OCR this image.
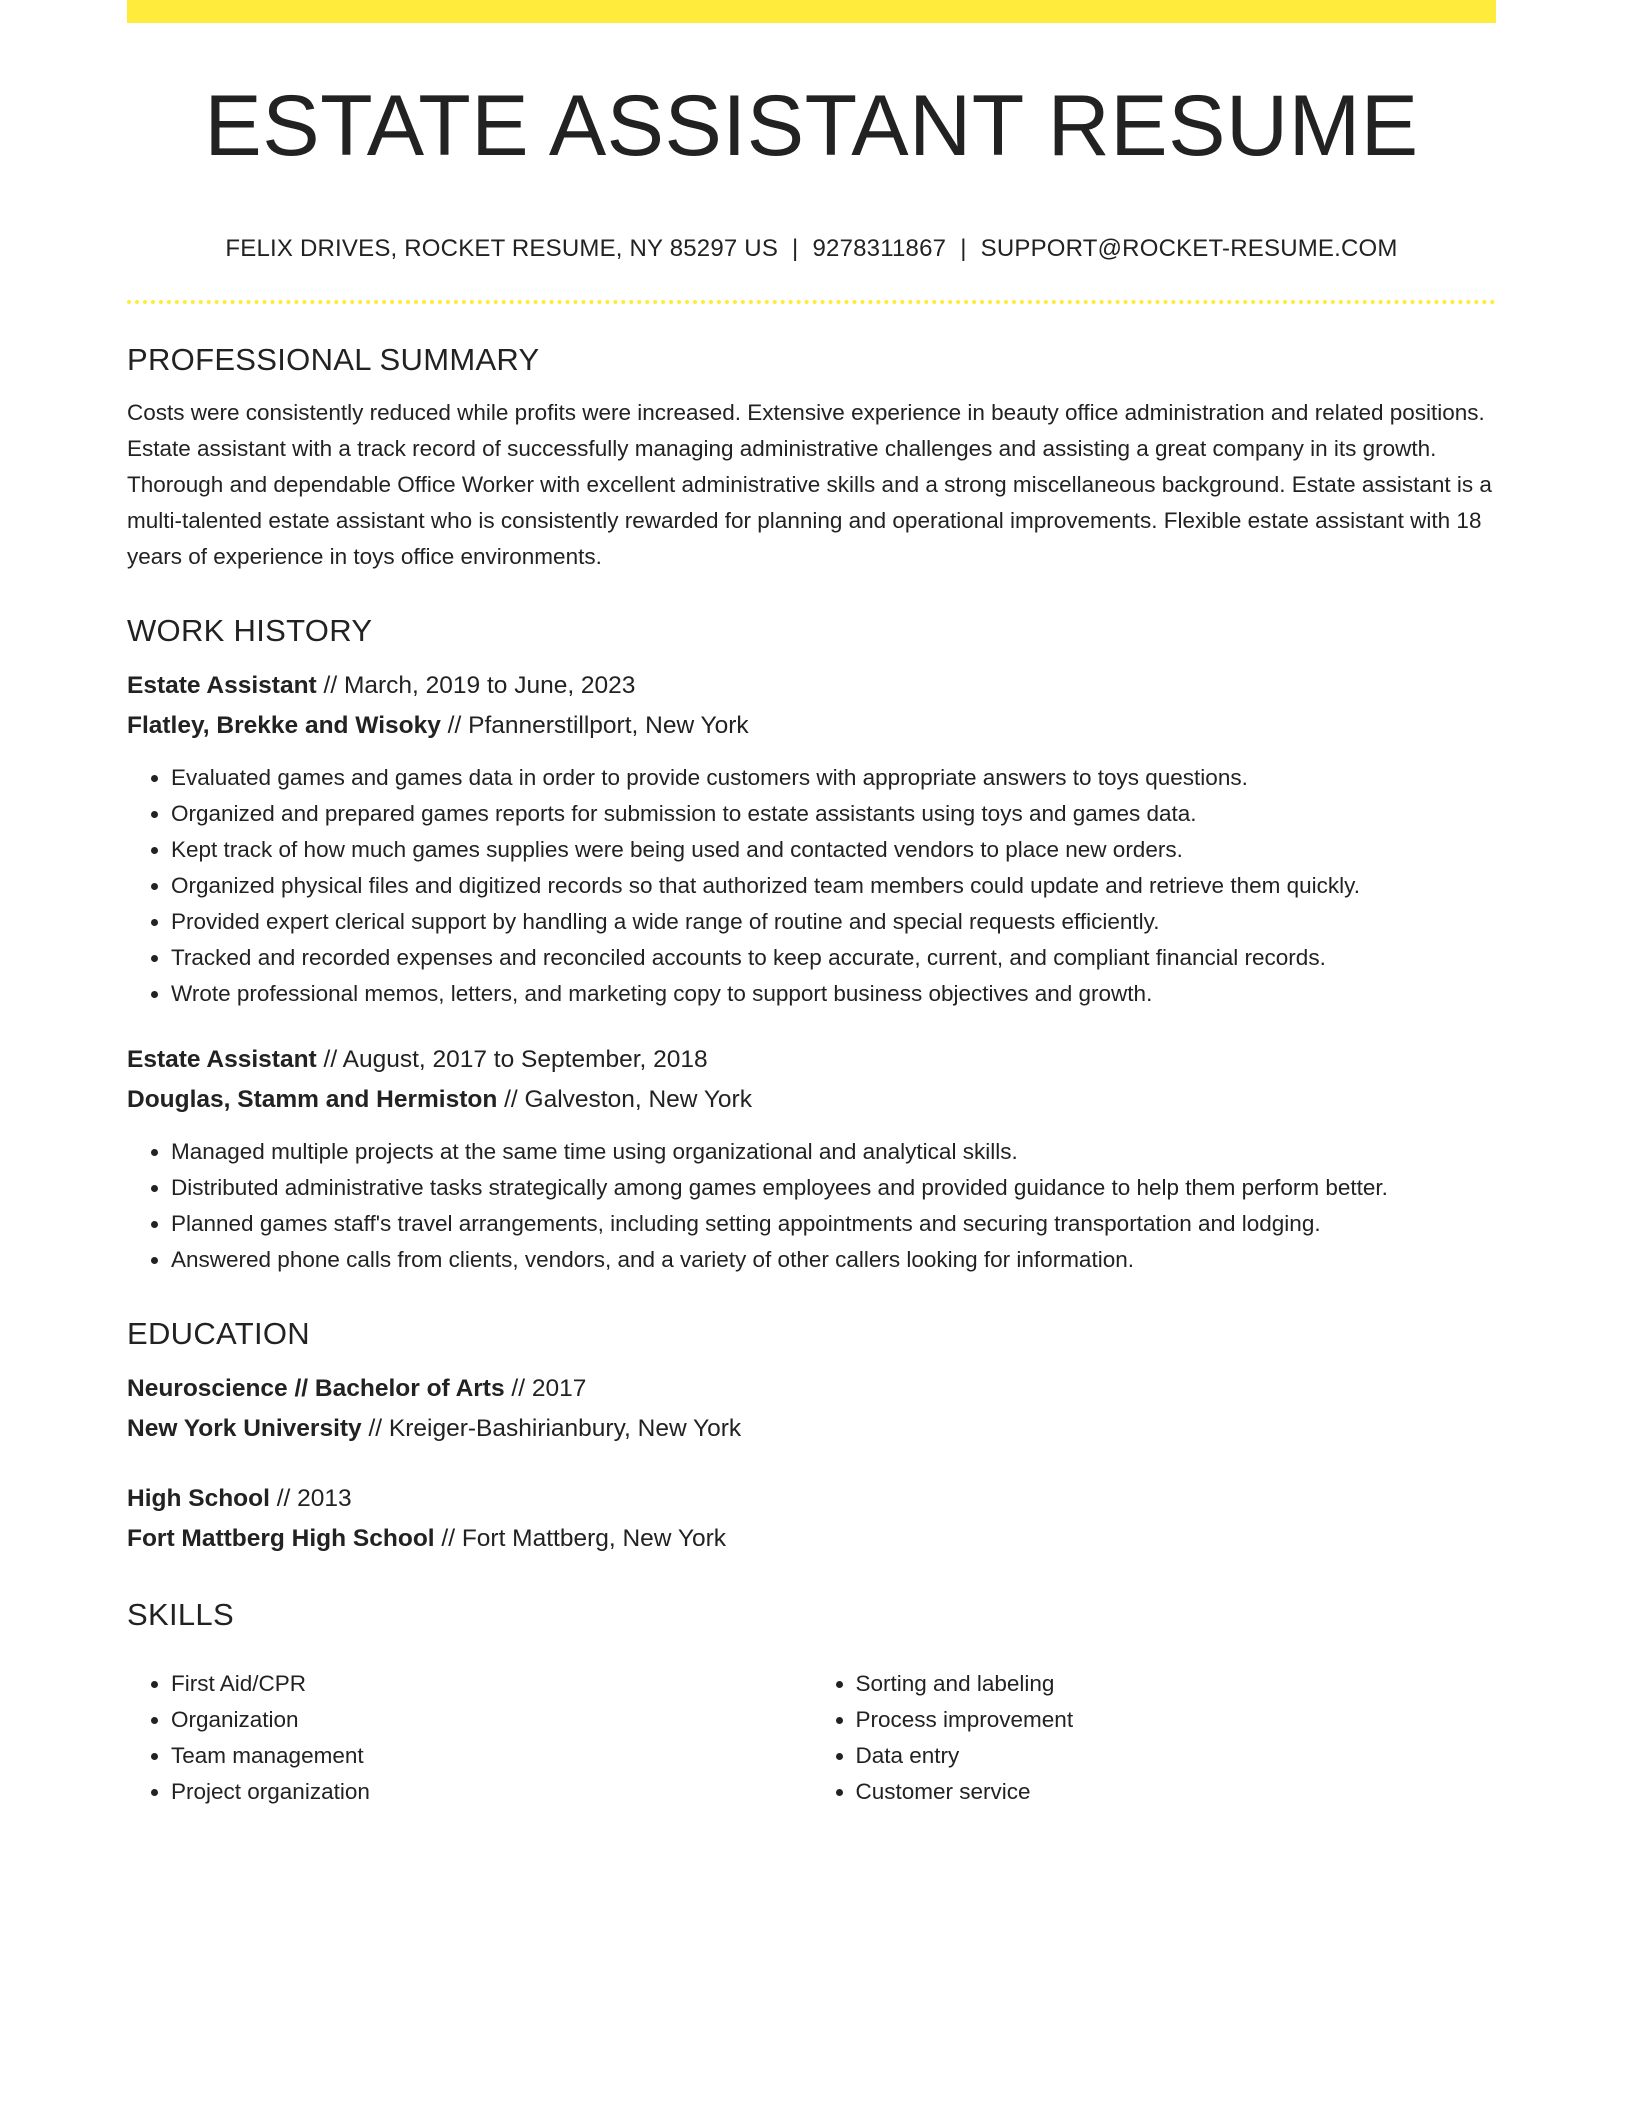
ESTATE ASSISTANT RESUME
FELIX DRIVES, ROCKET RESUME, NY 85297 US | 9278311867 | SUPPORT@ROCKET-RESUME.COM
PROFESSIONAL SUMMARY

Costs were consistently reduced while profits were increased. Extensive experience in beauty office administration and related positions. Estate assistant with a track record of successfully managing administrative challenges and assisting a great company in its growth. Thorough and dependable Office Worker with excellent administrative skills and a strong miscellaneous background. Estate assistant is a multi-talented estate assistant who is consistently rewarded for planning and operational improvements. Flexible estate assistant with 18 years of experience in toys office environments.

WORK HISTORY
Estate Assistant // March, 2019 to June, 2023
Flatley, Brekke and Wisoky // Pfannerstillport, New York
• Evaluated games and games data in order to provide customers with appropriate answers to toys questions.
• Organized and prepared games reports for submission to estate assistants using toys and games data.
• Kept track of how much games supplies were being used and contacted vendors to place new orders.
• Organized physical files and digitized records so that authorized team members could update and retrieve them quickly.
• Provided expert clerical support by handling a wide range of routine and special requests efficiently.
• Tracked and recorded expenses and reconciled accounts to keep accurate, current, and compliant financial records.
• Wrote professional memos, letters, and marketing copy to support business objectives and growth.
Estate Assistant // August, 2017 to September, 2018
Douglas, Stamm and Hermiston // Galveston, New York
• Managed multiple projects at the same time using organizational and analytical skills.
• Distributed administrative tasks strategically among games employees and provided guidance to help them perform better.
• Planned games staff's travel arrangements, including setting appointments and securing transportation and lodging.
• Answered phone calls from clients, vendors, and a variety of other callers looking for information.
EDUCATION
Neuroscience // Bachelor of Arts // 2017
New York University // Kreiger-Bashirianbury, New York
High School // 2013
Fort Mattberg High School // Fort Mattberg, New York
SKILLS
• First Aid/CPR
• Organization
• Team management
• Project organization
• Sorting and labeling
• Process improvement
• Data entry
• Customer service
